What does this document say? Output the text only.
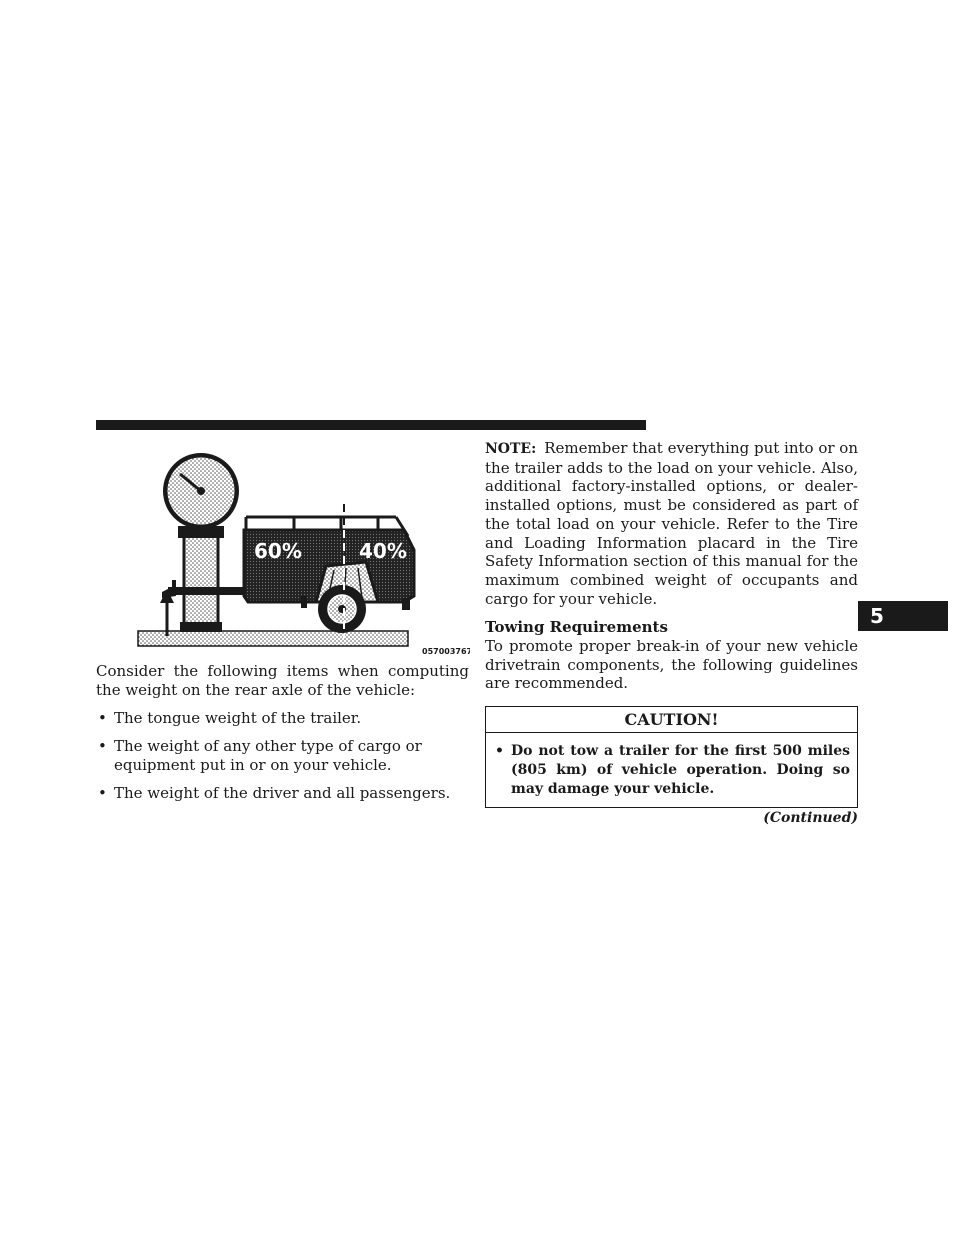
5
60%	40%
057003767

Consider the following items when computing the weight on the rear axle of the vehicle:

• The tongue weight of the trailer.
• The weight of any other type of cargo or equipment put in or on your vehicle.
• The weight of the driver and all passengers.

NOTE: Remember that everything put into or on the trailer adds to the load on your vehicle. Also, additional factory-installed options, or dealer-installed options, must be considered as part of the total load on your vehicle. Refer to the Tire and Loading Information placard in the Tire Safety Information section of this manual for the maximum combined weight of occupants and cargo for your vehicle.

Towing Requirements

To promote proper break-in of your new vehicle drivetrain components, the following guidelines are recommended.

CAUTION!
• Do not tow a trailer for the first 500 miles (805 km) of vehicle operation. Doing so may damage your vehicle.
(Continued)
